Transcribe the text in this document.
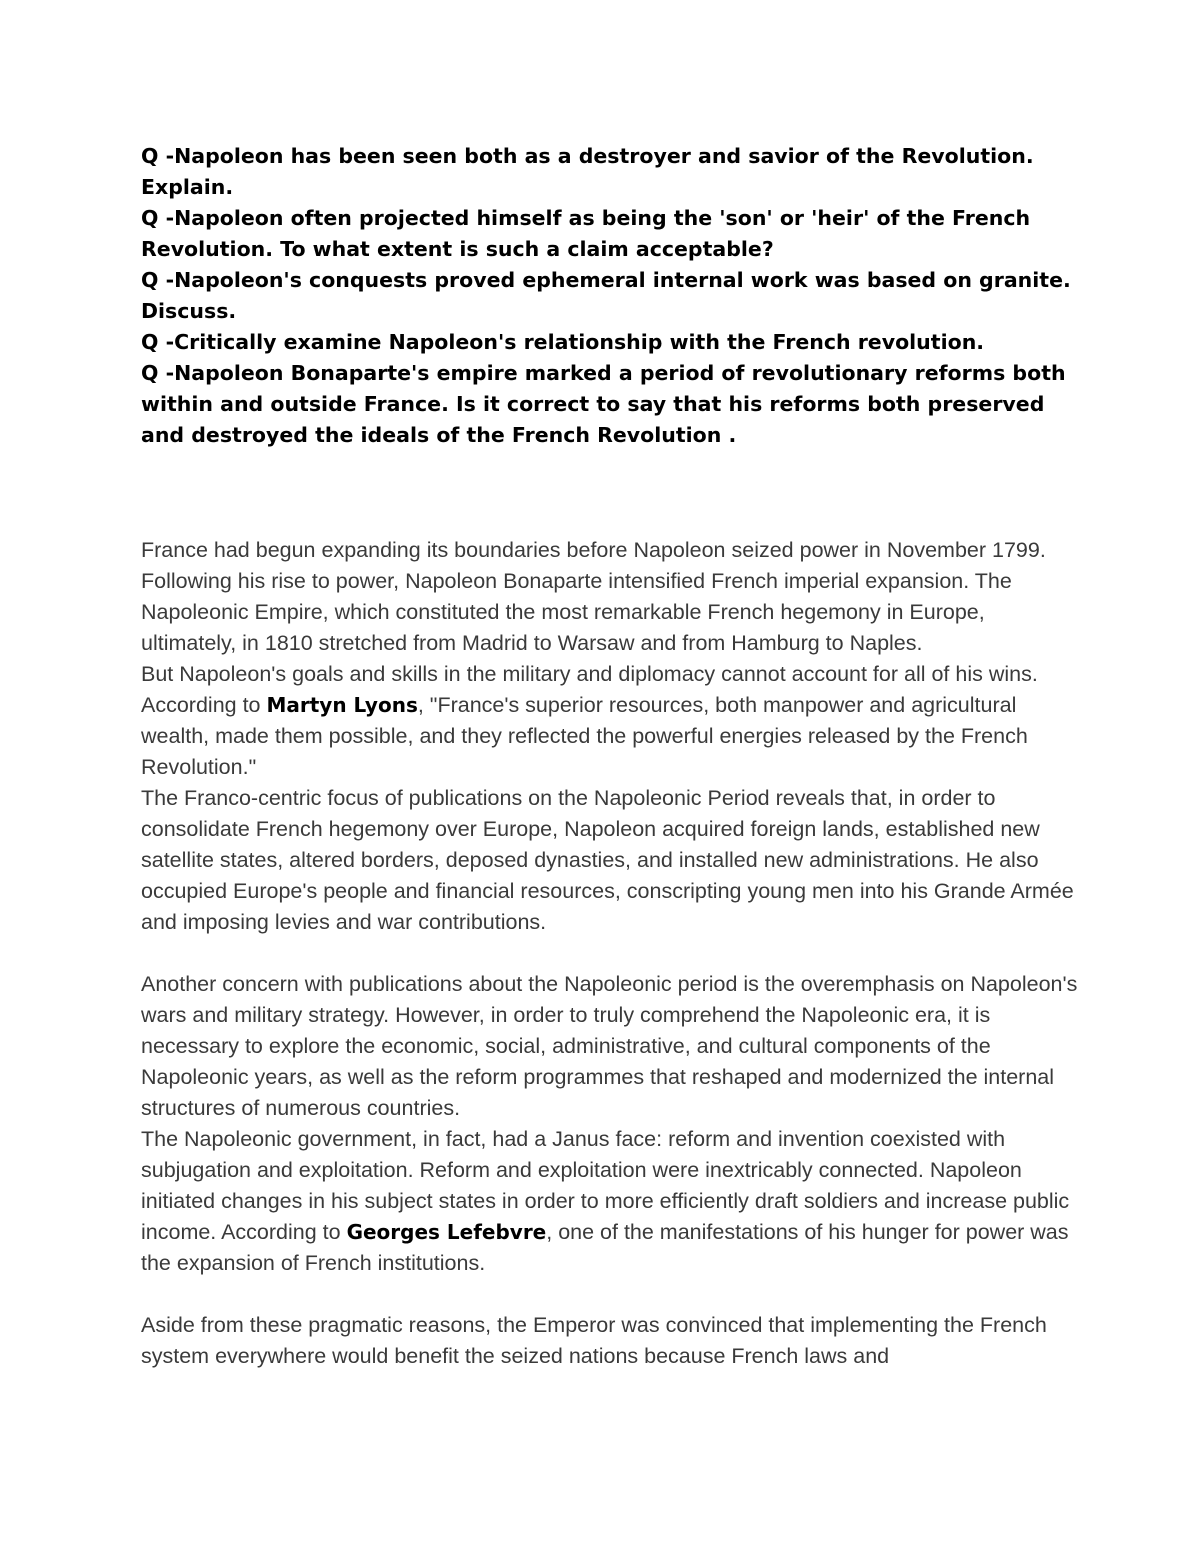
Q -Napoleon has been seen both as a destroyer and savior of the Revolution. Explain.

Q -Napoleon often projected himself as being the 'son' or 'heir' of the French Revolution. To what extent is such a claim acceptable?

Q -Napoleon's conquests proved ephemeral internal work was based on granite. Discuss.

Q -Critically examine Napoleon's relationship with the French revolution.

Q -Napoleon Bonaparte's empire marked a period of revolutionary reforms both within and outside France. Is it correct to say that his reforms both preserved and destroyed the ideals of the French Revolution .

France had begun expanding its boundaries before Napoleon seized power in November 1799. Following his rise to power, Napoleon Bonaparte intensified French imperial expansion. The Napoleonic Empire, which constituted the most remarkable French hegemony in Europe, ultimately, in 1810 stretched from Madrid to Warsaw and from Hamburg to Naples.

But Napoleon's goals and skills in the military and diplomacy cannot account for all of his wins. According to Martyn Lyons, "France's superior resources, both manpower and agricultural wealth, made them possible, and they reflected the powerful energies released by the French Revolution."

The Franco-centric focus of publications on the Napoleonic Period reveals that, in order to consolidate French hegemony over Europe, Napoleon acquired foreign lands, established new satellite states, altered borders, deposed dynasties, and installed new administrations. He also occupied Europe's people and financial resources, conscripting young men into his Grande Armée and imposing levies and war contributions.

Another concern with publications about the Napoleonic period is the overemphasis on Napoleon's wars and military strategy. However, in order to truly comprehend the Napoleonic era, it is necessary to explore the economic, social, administrative, and cultural components of the Napoleonic years, as well as the reform programmes that reshaped and modernized the internal structures of numerous countries.

The Napoleonic government, in fact, had a Janus face: reform and invention coexisted with subjugation and exploitation. Reform and exploitation were inextricably connected. Napoleon initiated changes in his subject states in order to more efficiently draft soldiers and increase public income. According to Georges Lefebvre, one of the manifestations of his hunger for power was the expansion of French institutions.

Aside from these pragmatic reasons, the Emperor was convinced that implementing the French system everywhere would benefit the seized nations because French laws and
